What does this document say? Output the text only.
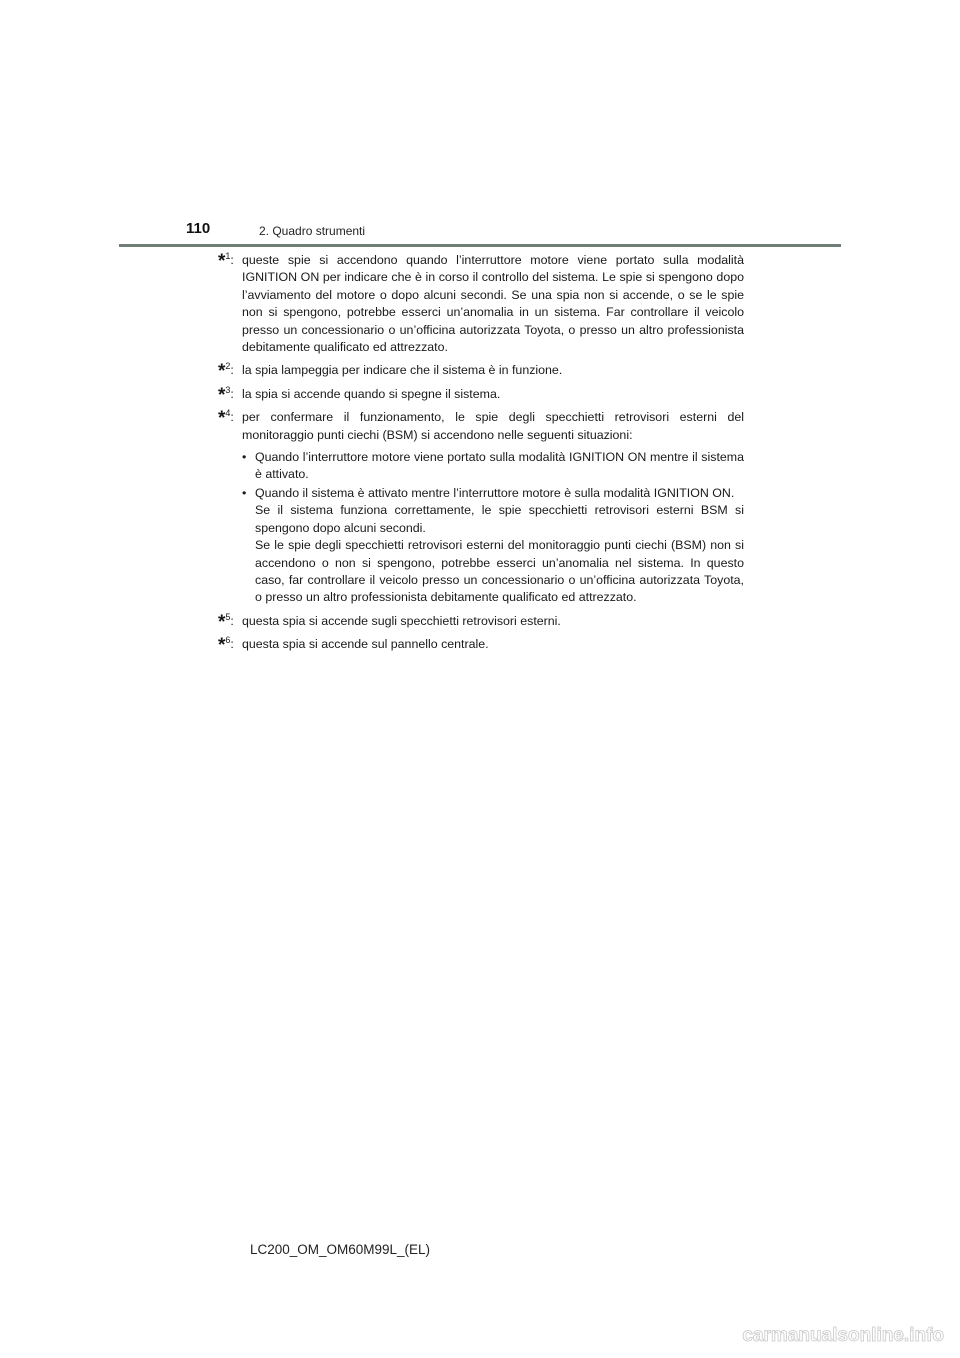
110	2. Quadro strumenti
*$^1$: queste spie si accendono quando l’interruttore motore viene portato sulla modalità IGNITION ON per indicare che è in corso il controllo del sistema. Le spie si spengono dopo l’avviamento del motore o dopo alcuni secondi. Se una spia non si accende, o se le spie non si spengono, potrebbe esserci un’anomalia in un sistema. Far controllare il veicolo presso un concessionario o un’officina autorizzata Toyota, o presso un altro professionista debitamente qualificato ed attrezzato.
*$^2$: la spia lampeggia per indicare che il sistema è in funzione.
*$^3$: la spia si accende quando si spegne il sistema.
*$^4$: per confermare il funzionamento, le spie degli specchietti retrovisori esterni del monitoraggio punti ciechi (BSM) si accendono nelle seguenti situazioni:
• Quando l’interruttore motore viene portato sulla modalità IGNITION ON mentre il sistema è attivato.
• Quando il sistema è attivato mentre l’interruttore motore è sulla modalità IGNITION ON.
Se il sistema funziona correttamente, le spie specchietti retrovisori esterni BSM si spengono dopo alcuni secondi.
Se le spie degli specchietti retrovisori esterni del monitoraggio punti ciechi (BSM) non si accendono o non si spengono, potrebbe esserci un’anomalia nel sistema. In questo caso, far controllare il veicolo presso un concessionario o un’officina autorizzata Toyota, o presso un altro professionista debitamente qualificato ed attrezzato.
*$^5$: questa spia si accende sugli specchietti retrovisori esterni.
*$^6$: questa spia si accende sul pannello centrale.
LC200_OM_OM60M99L_(EL)
carmanualsonline.info
